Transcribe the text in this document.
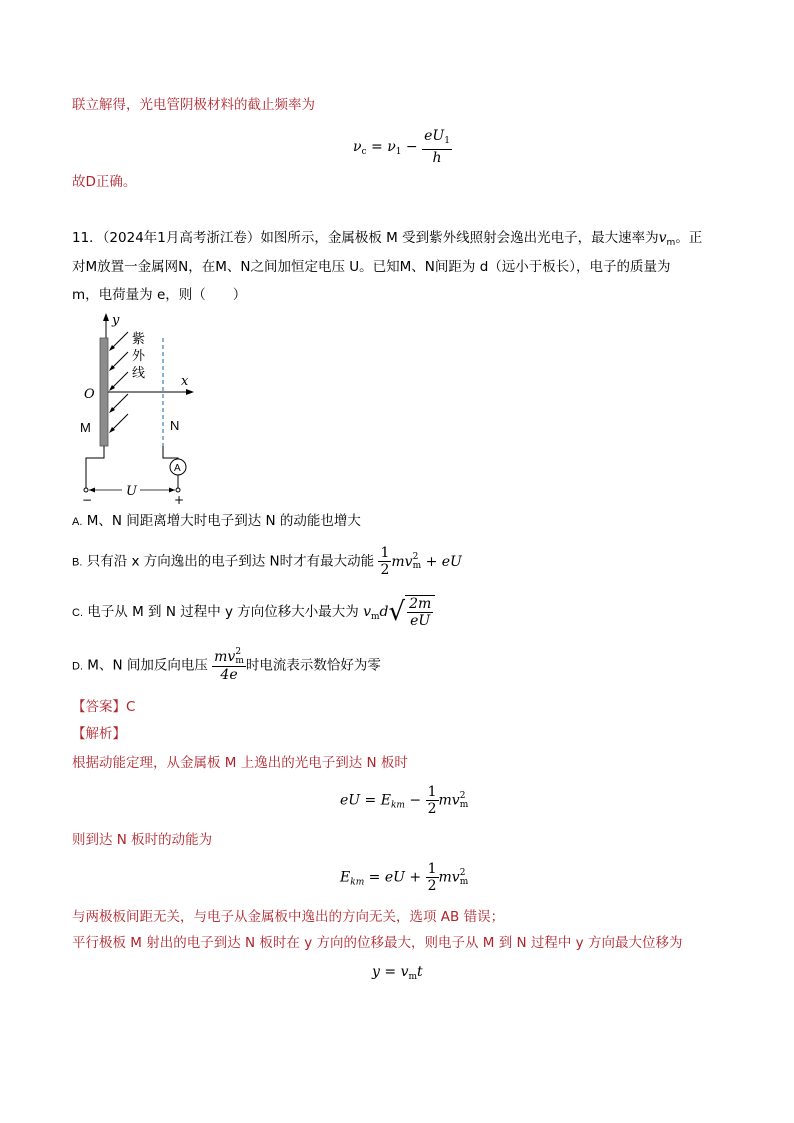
联立解得，光电管阴极材料的截止频率为
$\nu_c = \nu_1 - \frac{eU_1}{h}$
故D正确。
11．（2024年1月高考浙江卷）如图所示，金属极板 M 受到紫外线照射会逸出光电子，最大速率为$v_m$。正
对M放置一金属网N，在M、N之间加恒定电压 U。已知M、N间距为 d（远小于板长），电子的质量为
m，电荷量为 e，则（　　）
y
x
O
紫
外
线
M	N
A
U
−	+
A. M、N 间距离增大时电子到达 N 的动能也增大
B. 只有沿 x 方向逸出的电子到达 N时才有最大动能 $\frac{1}{2}$ mv 2
m + eU
C. 电子从 M 到 N 过程中 y 方向位移大小最大为 $v_md$ √ $\frac{2m}{eU}$
D. M、N 间加反向电压 mv 2
m
4e 时电流表示数恰好为零
【答案】C
【解析】
根据动能定理，从金属板 M 上逸出的光电子到达 N 板时
eU = $E_{km} - \frac{1}{2}$ mv 2
m
则到达 N 板时的动能为
$E_{km}$ = eU + $\frac{1}{2}$ mv 2
m
与两极板间距无关，与电子从金属板中逸出的方向无关，选项 AB 错误；
平行极板 M 射出的电子到达 N 板时在 y 方向的位移最大，则电子从 M 到 N 过程中 y 方向最大位移为
$y = v_mt$
